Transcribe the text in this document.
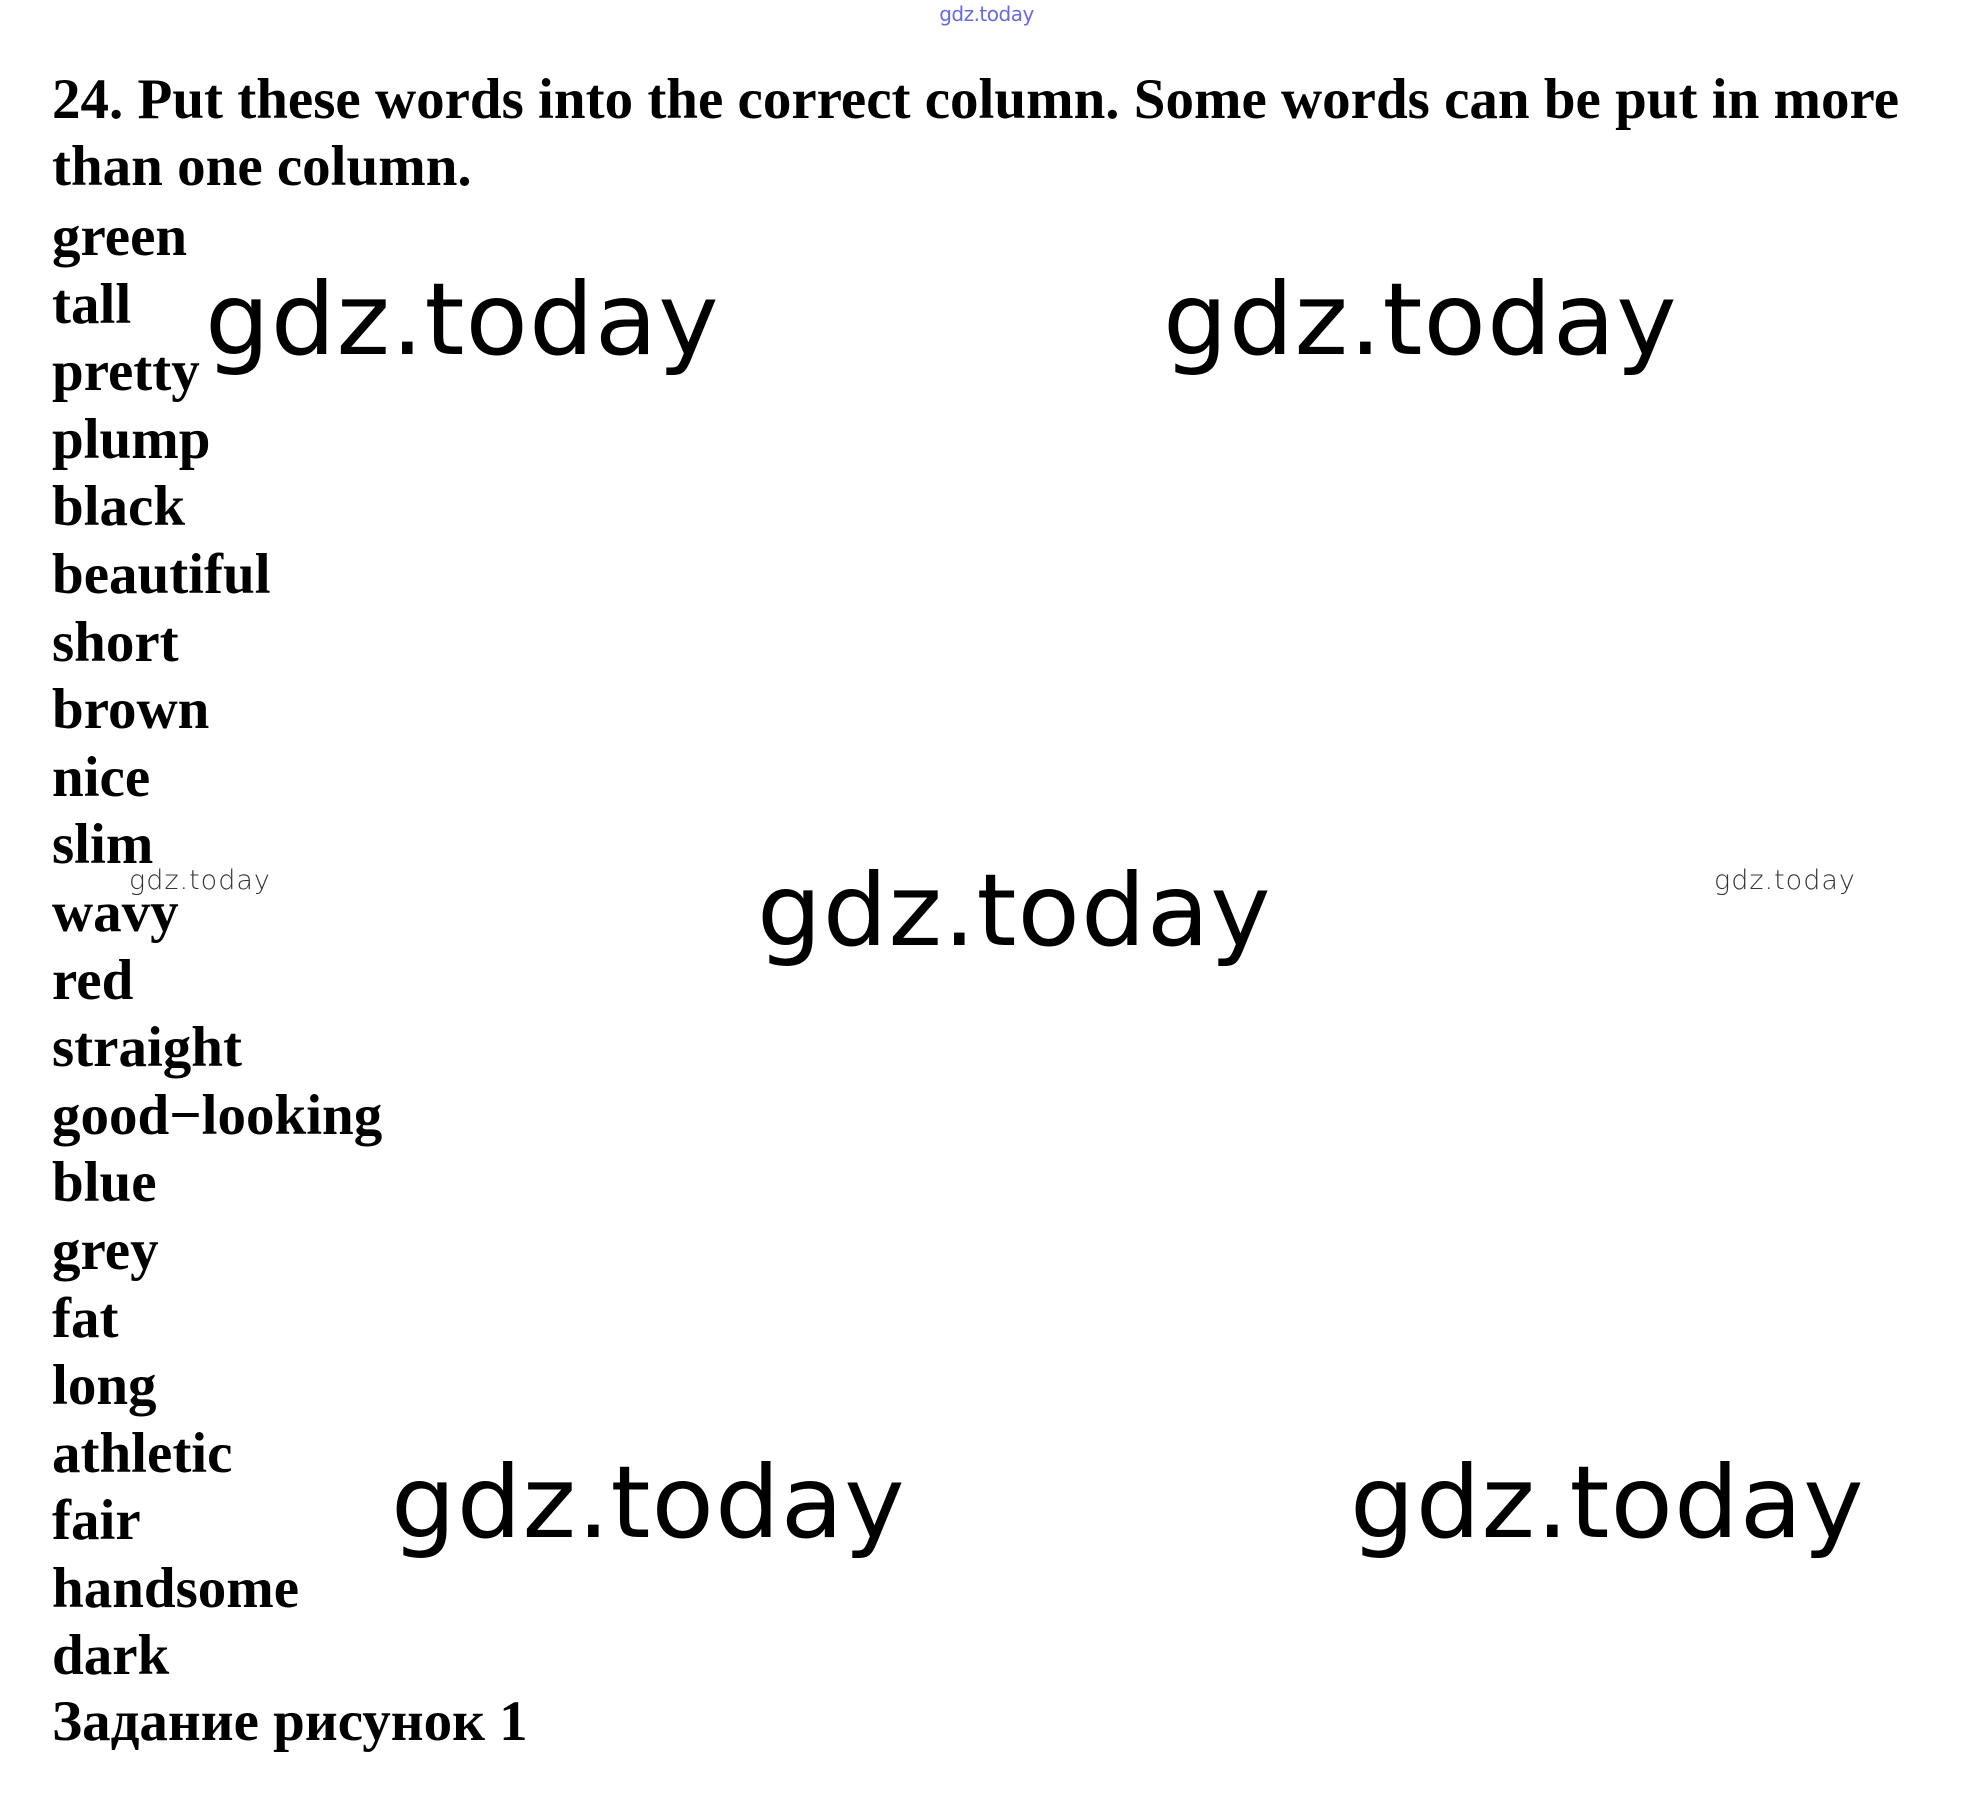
gdz.today

24. Put these words into the correct column. Some words can be put in more than one column.

green
tall
pretty
plump
black
beautiful
short
brown
nice
slim
wavy
red
straight
good−looking
blue
grey
fat
long
athletic
fair
handsome
dark

Задание рисунок 1

gdz.today	gdz.today
gdz.today
gdz.today	gdz.today
gdz.today	gdz.today
